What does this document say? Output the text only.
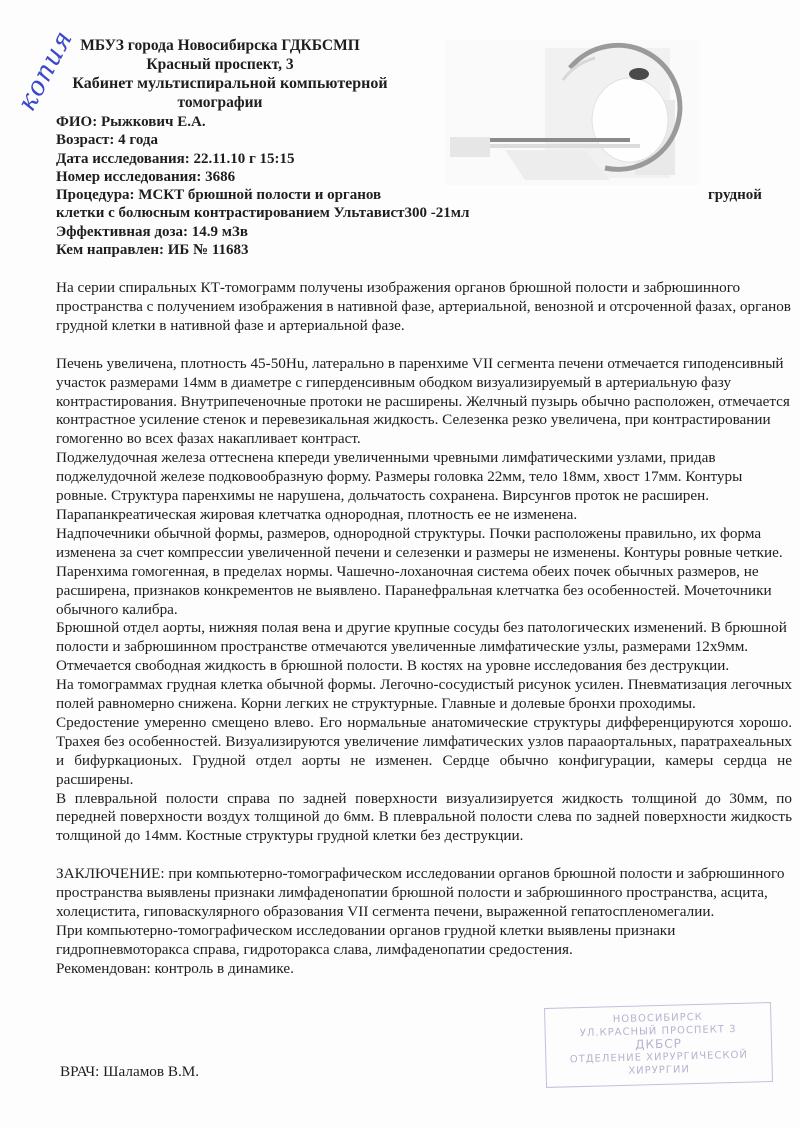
копия МБУЗ города Новосибирска ГДКБСМП
Красный проспект, 3
Кабинет мультиспиральной компьютерной
томографии
ФИО: Рыжкович Е.А.
Возраст: 4 года
Дата исследования: 22.11.10 г 15:15
Номер исследования: 3686
Процедура: МСКТ брюшной полости и органов	грудной
клетки с болюсным контрастированием Ультавист300 -21мл
Эффективная доза: 14.9 мЗв
Кем направлен: ИБ № 11683

На серии спиральных КТ-томограмм получены изображения органов брюшной полости и забрюшинного пространства с получением изображения в нативной фазе, артериальной, венозной и отсроченной фазах, органов грудной клетки в нативной фазе и артериальной фазе.

Печень увеличена, плотность 45-50Hu, латерально в паренхиме VII сегмента печени отмечается гиподенсивный участок размерами 14мм в диаметре с гиперденсивным ободком визуализируемый в артериальную фазу контрастирования. Внутрипеченочные протоки не расширены. Желчный пузырь обычно расположен, отмечается контрастное усиление стенок и перевезикальная жидкость. Селезенка резко увеличена, при контрастировании гомогенно во всех фазах накапливает контраст.

Поджелудочная железа оттеснена кпереди увеличенными чревными лимфатическими узлами, придав поджелудочной железе подковообразную форму. Размеры головка 22мм, тело 18мм, хвост 17мм. Контуры ровные. Структура паренхимы не нарушена, дольчатость сохранена. Вирсунгов проток не расширен. Парапанкреатическая жировая клетчатка однородная, плотность ее не изменена.

Надпочечники обычной формы, размеров, однородной структуры. Почки расположены правильно, их форма изменена за счет компрессии увеличенной печени и селезенки и размеры не изменены. Контуры ровные четкие. Паренхима гомогенная, в пределах нормы. Чашечно-лоханочная система обеих почек обычных размеров, не расширена, признаков конкрементов не выявлено. Паранефральная клетчатка без особенностей. Мочеточники обычного калибра.

Брюшной отдел аорты, нижняя полая вена и другие крупные сосуды без патологических изменений. В брюшной полости и забрюшинном пространстве отмечаются увеличенные лимфатические узлы, размерами 12х9мм. Отмечается свободная жидкость в брюшной полости. В костях на уровне исследования без деструкции.

На томограммах грудная клетка обычной формы. Легочно-сосудистый рисунок усилен. Пневматизация легочных полей равномерно снижена. Корни легких не структурные. Главные и долевые бронхи проходимы.

Средостение умеренно смещено влево. Его нормальные анатомические структуры дифференцируются хорошо. Трахея без особенностей. Визуализируются увеличение лимфатических узлов парааортальных, паратрахеальных и бифуркационых. Грудной отдел аорты не изменен. Сердце обычно конфигурации, камеры сердца не расширены.

В плевральной полости справа по задней поверхности визуализируется жидкость толщиной до 30мм, по передней поверхности воздух толщиной до 6мм. В плевральной полости слева по задней поверхности жидкость толщиной до 14мм. Костные структуры грудной клетки без деструкции.

ЗАКЛЮЧЕНИЕ: при компьютерно-томографическом исследовании органов брюшной полости и забрюшинного пространства выявлены признаки лимфаденопатии брюшной полости и забрюшинного пространства, асцита, холецистита, гиповаскулярного образования VII сегмента печени, выраженной гепатоспленомегалии.

При компьютерно-томографическом исследовании органов грудной клетки выявлены признаки гидропневмоторакса справа, гидроторакса слава, лимфаденопатии средостения.

Рекомендован: контроль в динамике.

НОВОСИБИРСК
УЛ.КРАСНЫЙ ПРОСПЕКТ 3
ДКБСР
ОТДЕЛЕНИЕ ХИРУРГИЧЕСКОЙ
ХИРУРГИИ
ВРАЧ: Шаламов В.М.
